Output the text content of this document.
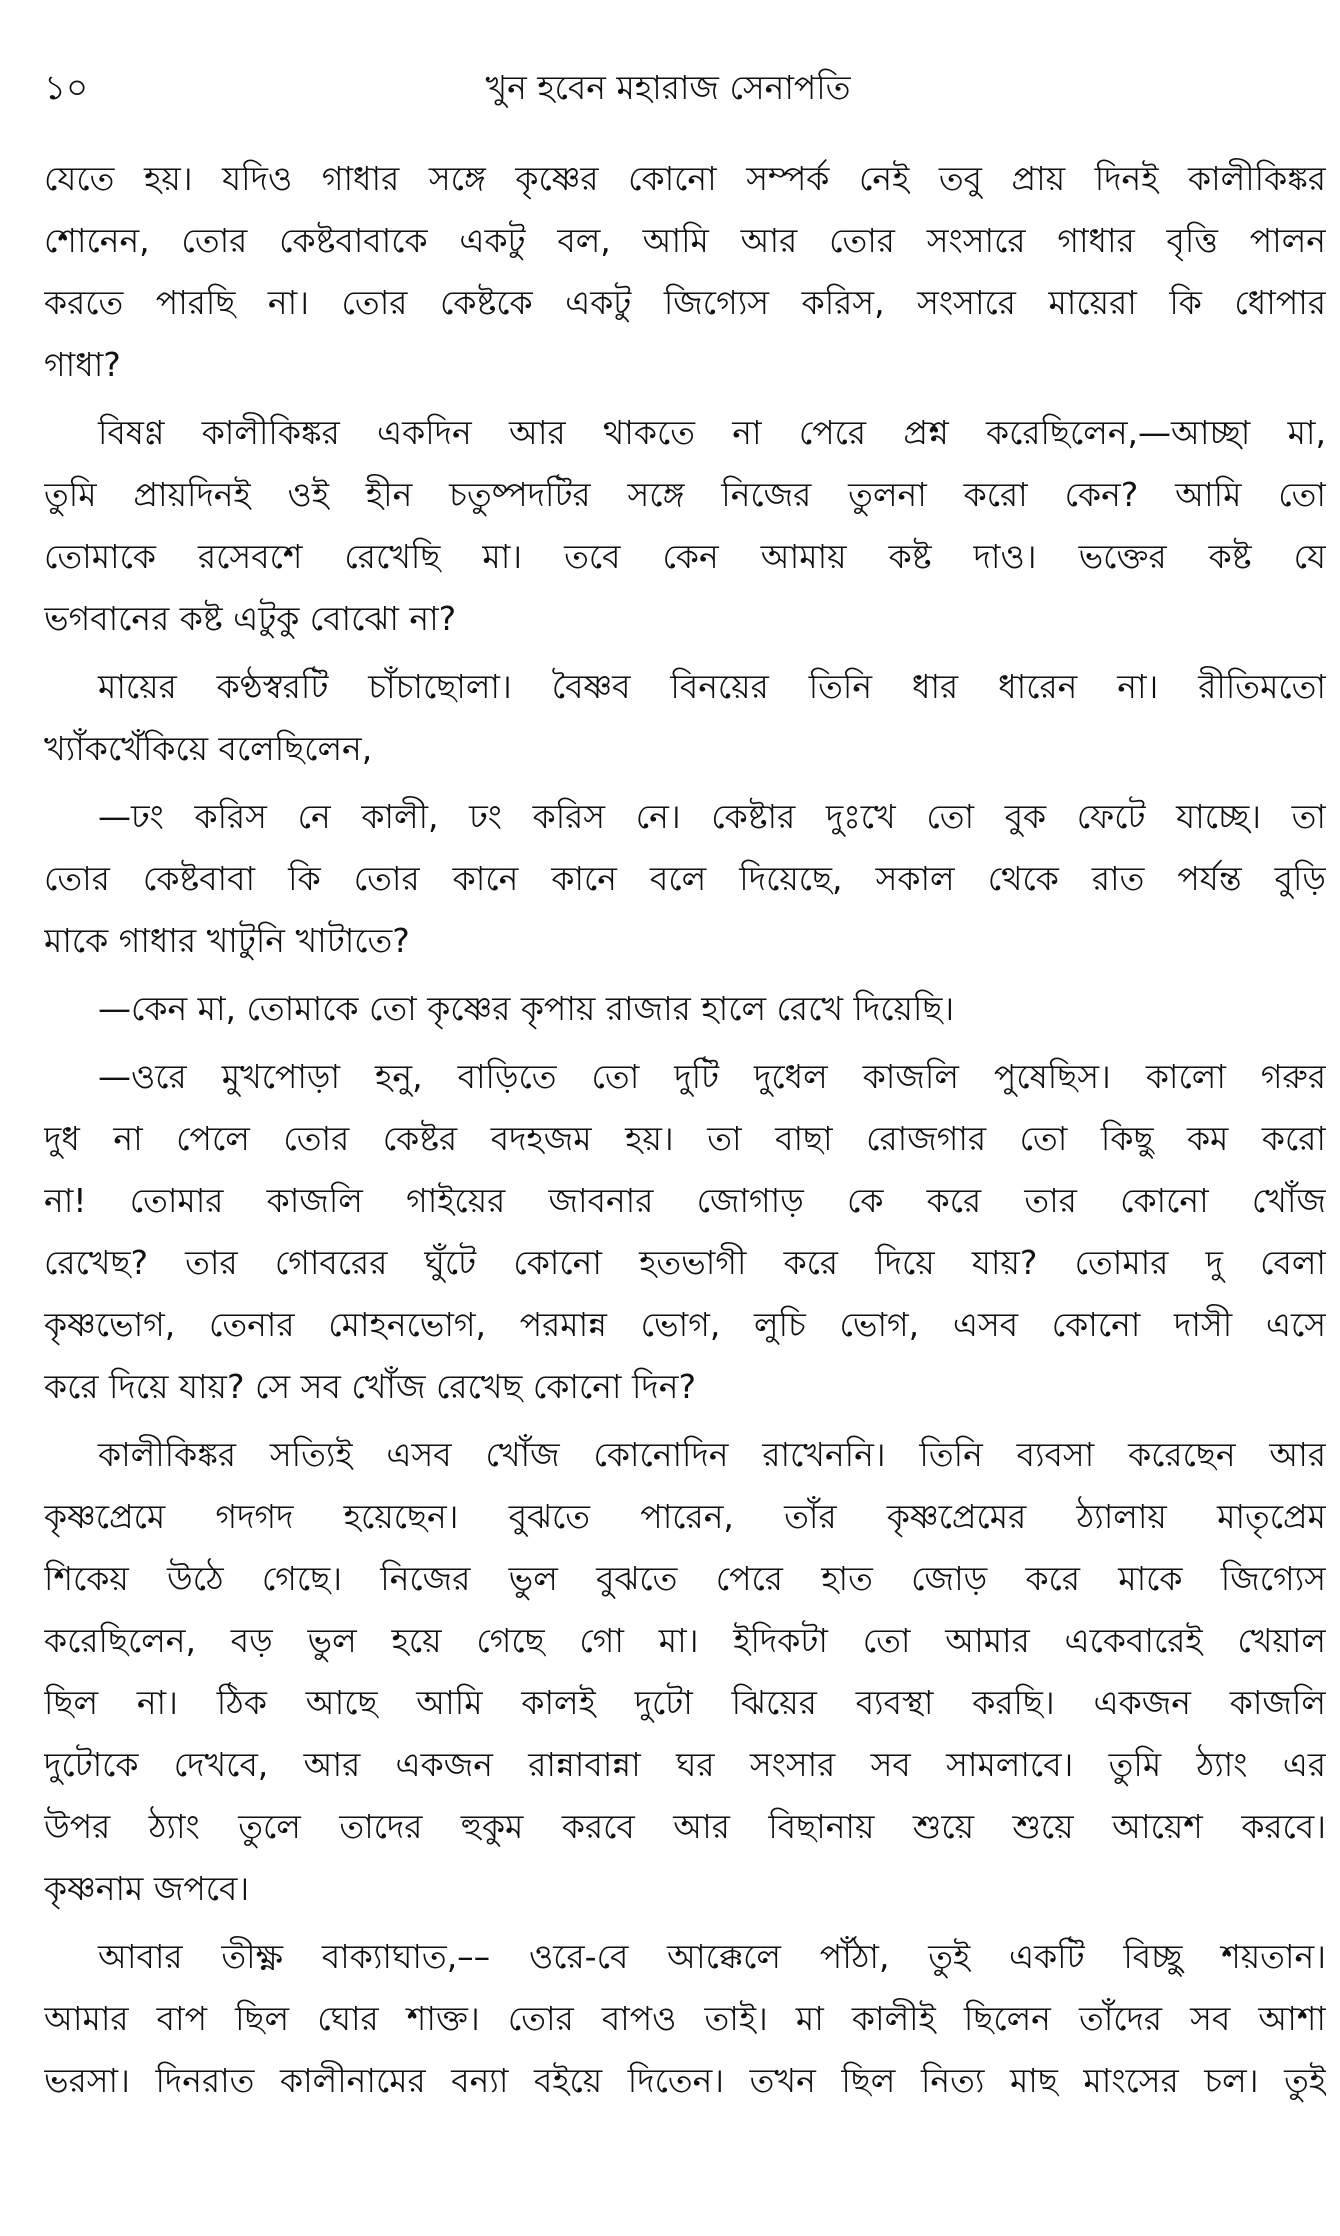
১০	খুন হবেন মহারাজ সেনাপতি
যেতে হয়। যদিও গাধার সঙ্গে কৃষ্ণের কোনো সম্পর্ক নেই তবু প্রায় দিনই কালীকিঙ্কর
শোনেন, তোর কেষ্টবাবাকে একটু বল, আমি আর তোর সংসারে গাধার বৃত্তি পালন
করতে পারছি না। তোর কেষ্টকে একটু জিগ্যেস করিস, সংসারে মায়েরা কি ধোপার
গাধা?
বিষণ্ণ কালীকিঙ্কর একদিন আর থাকতে না পেরে প্রশ্ন করেছিলেন,—আচ্ছা মা,
তুমি প্রায়দিনই ওই হীন চতুষ্পদটির সঙ্গে নিজের তুলনা করো কেন? আমি তো
তোমাকে রসেবশে রেখেছি মা। তবে কেন আমায় কষ্ট দাও। ভক্তের কষ্ট যে
ভগবানের কষ্ট এটুকু বোঝো না?
মায়ের কণ্ঠস্বরটি চাঁচাছোলা। বৈষ্ণব বিনয়ের তিনি ধার ধারেন না। রীতিমতো
খ্যাঁকখেঁকিয়ে বলেছিলেন,
—ঢং করিস নে কালী, ঢং করিস নে। কেষ্টার দুঃখে তো বুক ফেটে যাচ্ছে। তা
তোর কেষ্টবাবা কি তোর কানে কানে বলে দিয়েছে, সকাল থেকে রাত পর্যন্ত বুড়ি
মাকে গাধার খাটুনি খাটাতে?
—কেন মা, তোমাকে তো কৃষ্ণের কৃপায় রাজার হালে রেখে দিয়েছি।
—ওরে মুখপোড়া হনু, বাড়িতে তো দুটি দুধেল কাজলি পুষেছিস। কালো গরুর
দুধ না পেলে তোর কেষ্টর বদহজম হয়। তা বাছা রোজগার তো কিছু কম করো
না! তোমার কাজলি গাইয়ের জাবনার জোগাড় কে করে তার কোনো খোঁজ
রেখেছ? তার গোবরের ঘুঁটে কোনো হতভাগী করে দিয়ে যায়? তোমার দু বেলা
কৃষ্ণভোগ, তেনার মোহনভোগ, পরমান্ন ভোগ, লুচি ভোগ, এসব কোনো দাসী এসে
করে দিয়ে যায়? সে সব খোঁজ রেখেছ কোনো দিন?
কালীকিঙ্কর সত্যিই এসব খোঁজ কোনোদিন রাখেননি। তিনি ব্যবসা করেছেন আর
কৃষ্ণপ্রেমে গদগদ হয়েছেন। বুঝতে পারেন, তাঁর কৃষ্ণপ্রেমের ঠ্যালায় মাতৃপ্রেম
শিকেয় উঠে গেছে। নিজের ভুল বুঝতে পেরে হাত জোড় করে মাকে জিগ্যেস
করেছিলেন, বড় ভুল হয়ে গেছে গো মা। ইদিকটা তো আমার একেবারেই খেয়াল
ছিল না। ঠিক আছে আমি কালই দুটো ঝিয়ের ব্যবস্থা করছি। একজন কাজলি
দুটোকে দেখবে, আর একজন রান্নাবান্না ঘর সংসার সব সামলাবে। তুমি ঠ্যাং এর
উপর ঠ্যাং তুলে তাদের হুকুম করবে আর বিছানায় শুয়ে শুয়ে আয়েশ করবে।
কৃষ্ণনাম জপবে।
আবার তীক্ষ্ণ বাক্যাঘাত,–– ওরে-বে আক্কেলে পাঁঠা, তুই একটি বিচ্ছু শয়তান।
আমার বাপ ছিল ঘোর শাক্ত। তোর বাপও তাই। মা কালীই ছিলেন তাঁদের সব আশা
ভরসা। দিনরাত কালীনামের বন্যা বইয়ে দিতেন। তখন ছিল নিত্য মাছ মাংসের চল। তুই
